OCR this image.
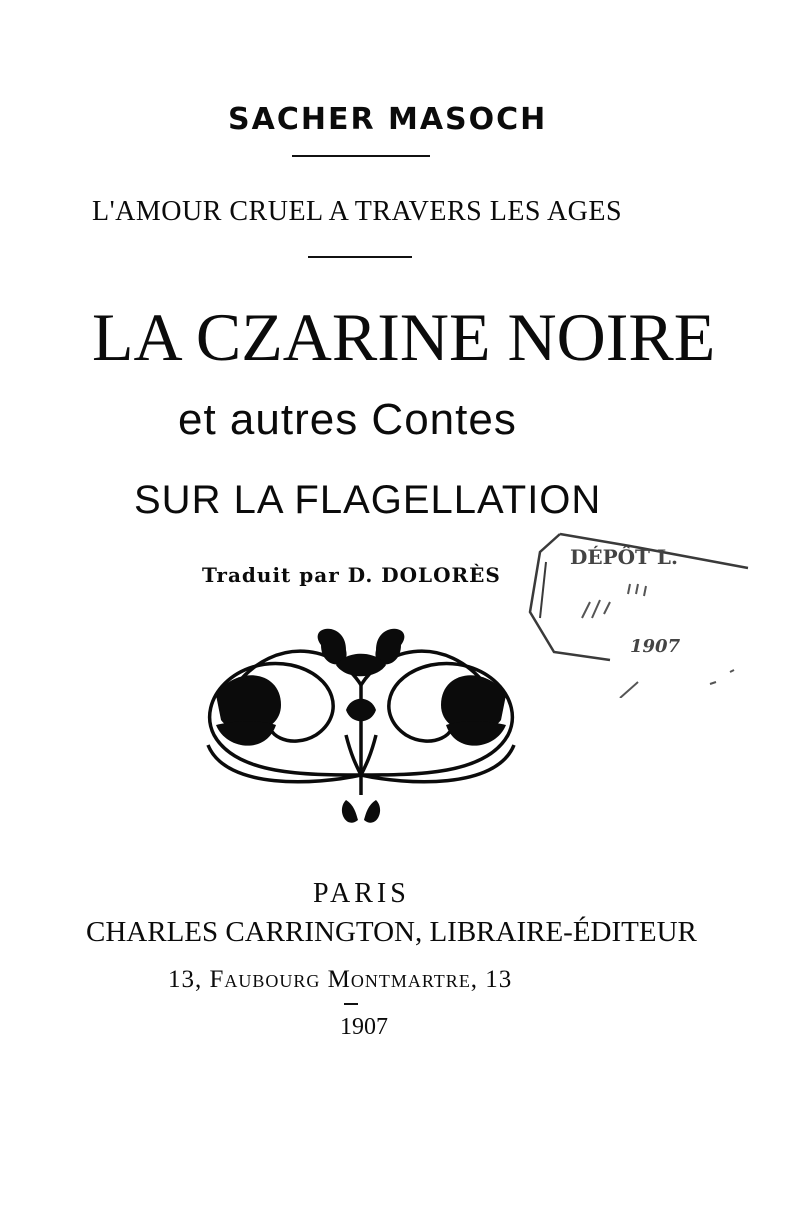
SACHER MASOCH
L'AMOUR CRUEL A TRAVERS LES AGES
LA CZARINE NOIRE
et autres Contes
SUR LA FLAGELLATION
Traduit par D. DOLORÈS
DÉPÔT L.
1907
PARIS
CHARLES CARRINGTON, LIBRAIRE-ÉDITEUR
13, Faubourg Montmartre, 13
1907
